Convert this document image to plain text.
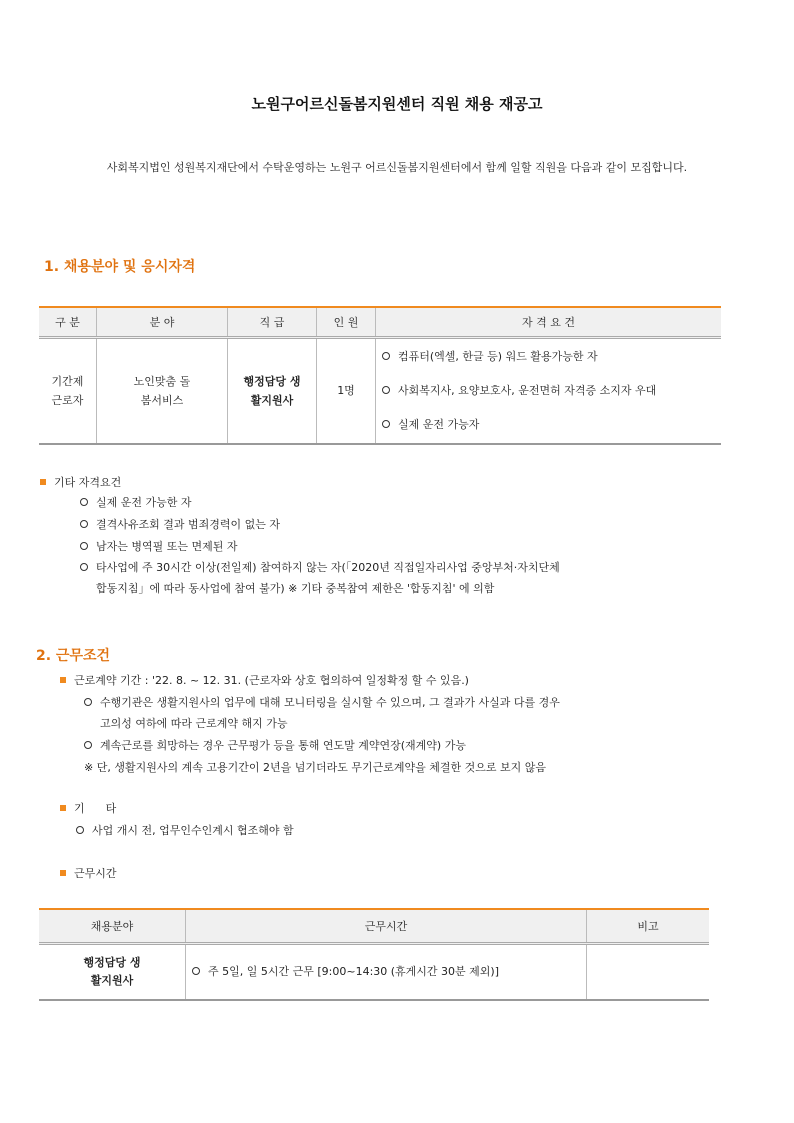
노원구어르신돌봄지원센터 직원 채용 재공고
사회복지법인 성원복지재단에서 수탁운영하는 노원구 어르신돌봄지원센터에서 함께 일할 직원을 다음과 같이 모집합니다.
1. 채용분야 및 응시자격
구 분	분 야	직 급	인 원	자 격 요 건
기간제 근로자	노인맞춤 돌봄서비스	행정담당 생활지원사	1명	컴퓨터(엑셀, 한글 등) 워드 활용가능한 자
사회복지사, 요양보호사, 운전면허 자격증 소지자 우대
실제 운전 가능자
기타 자격요건
실제 운전 가능한 자
결격사유조회 결과 범죄경력이 없는 자
남자는 병역필 또는 면제된 자
타사업에 주 30시간 이상(전일제) 참여하지 않는 자(「2020년 직접일자리사업 중앙부처·자치단체
합동지침」에 따라 동사업에 참여 불가) ※ 기타 중복참여 제한은 '합동지침' 에 의함
2. 근무조건
근로계약 기간 : '22. 8. ~ 12. 31. (근로자와 상호 협의하여 일정확정 할 수 있음.)
수행기관은 생활지원사의 업무에 대해 모니터링을 실시할 수 있으며, 그 결과가 사실과 다를 경우
고의성 여하에 따라 근로계약 해지 가능
계속근로를 희망하는 경우 근무평가 등을 통해 연도말 계약연장(재계약) 가능
※ 단, 생활지원사의 계속 고용기간이 2년을 넘기더라도 무기근로계약을 체결한 것으로 보지 않음
기      타
사업 개시 전, 업무인수인계시 협조해야 함
근무시간
채용분야	근무시간	비고
행정담당 생활지원사	주 5일, 일 5시간 근무 [9:00~14:30 (휴게시간 30분 제외)]	
